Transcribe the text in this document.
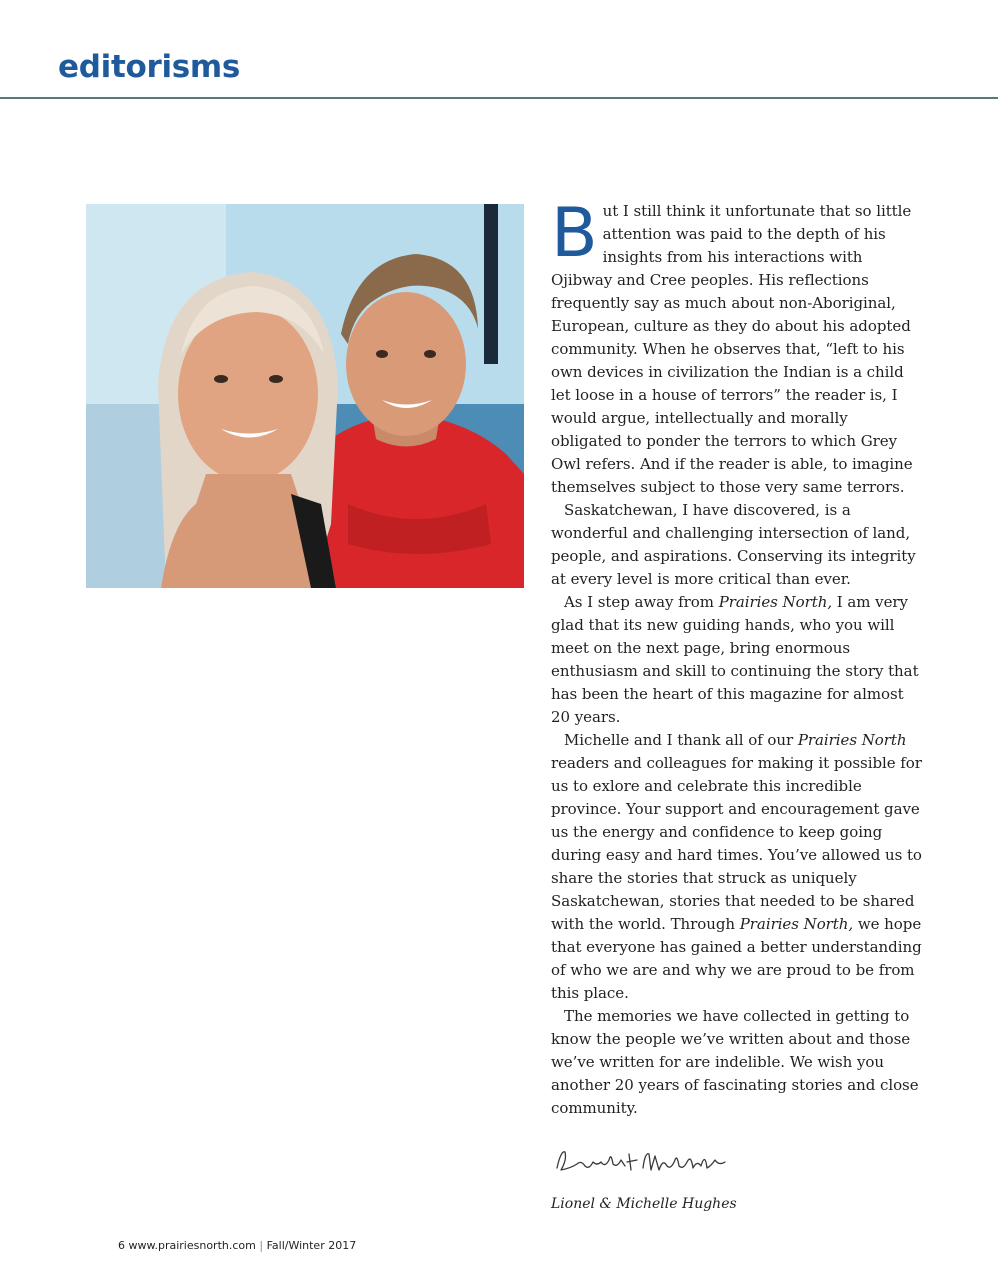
editorisms

But I still think it unfortunate that so little attention was paid to the depth of his insights from his interactions with Ojibway and Cree peoples. His reflections frequently say as much about non-Aboriginal, European, culture as they do about his adopted community. When he observes that, “left to his own devices in civilization the Indian is a child let loose in a house of terrors” the reader is, I would argue, intellectually and morally obligated to ponder the terrors to which Grey Owl refers. And if the reader is able, to imagine themselves subject to those very same terrors.

Saskatchewan, I have discovered, is a wonderful and challenging intersection of land, people, and aspirations. Conserving its integrity at every level is more critical than ever.

As I step away from Prairies North, I am very glad that its new guiding hands, who you will meet on the next page, bring enormous enthusiasm and skill to continuing the story that has been the heart of this magazine for almost 20 years.

Michelle and I thank all of our Prairies North readers and colleagues for making it possible for us to exlore and celebrate this incredible province. Your support and encouragement gave us the energy and confidence to keep going during easy and hard times. You’ve allowed us to share the stories that struck as uniquely Saskatchewan, stories that needed to be shared with the world. Through Prairies North, we hope that everyone has gained a better understanding of who we are and why we are proud to be from this place.

The memories we have collected in getting to know the people we’ve written about and those we’ve written for are indelible. We wish you another 20 years of fascinating stories and close community.

Lionel & Michelle Hughes
6 www.prairiesnorth.com | Fall/Winter 2017
